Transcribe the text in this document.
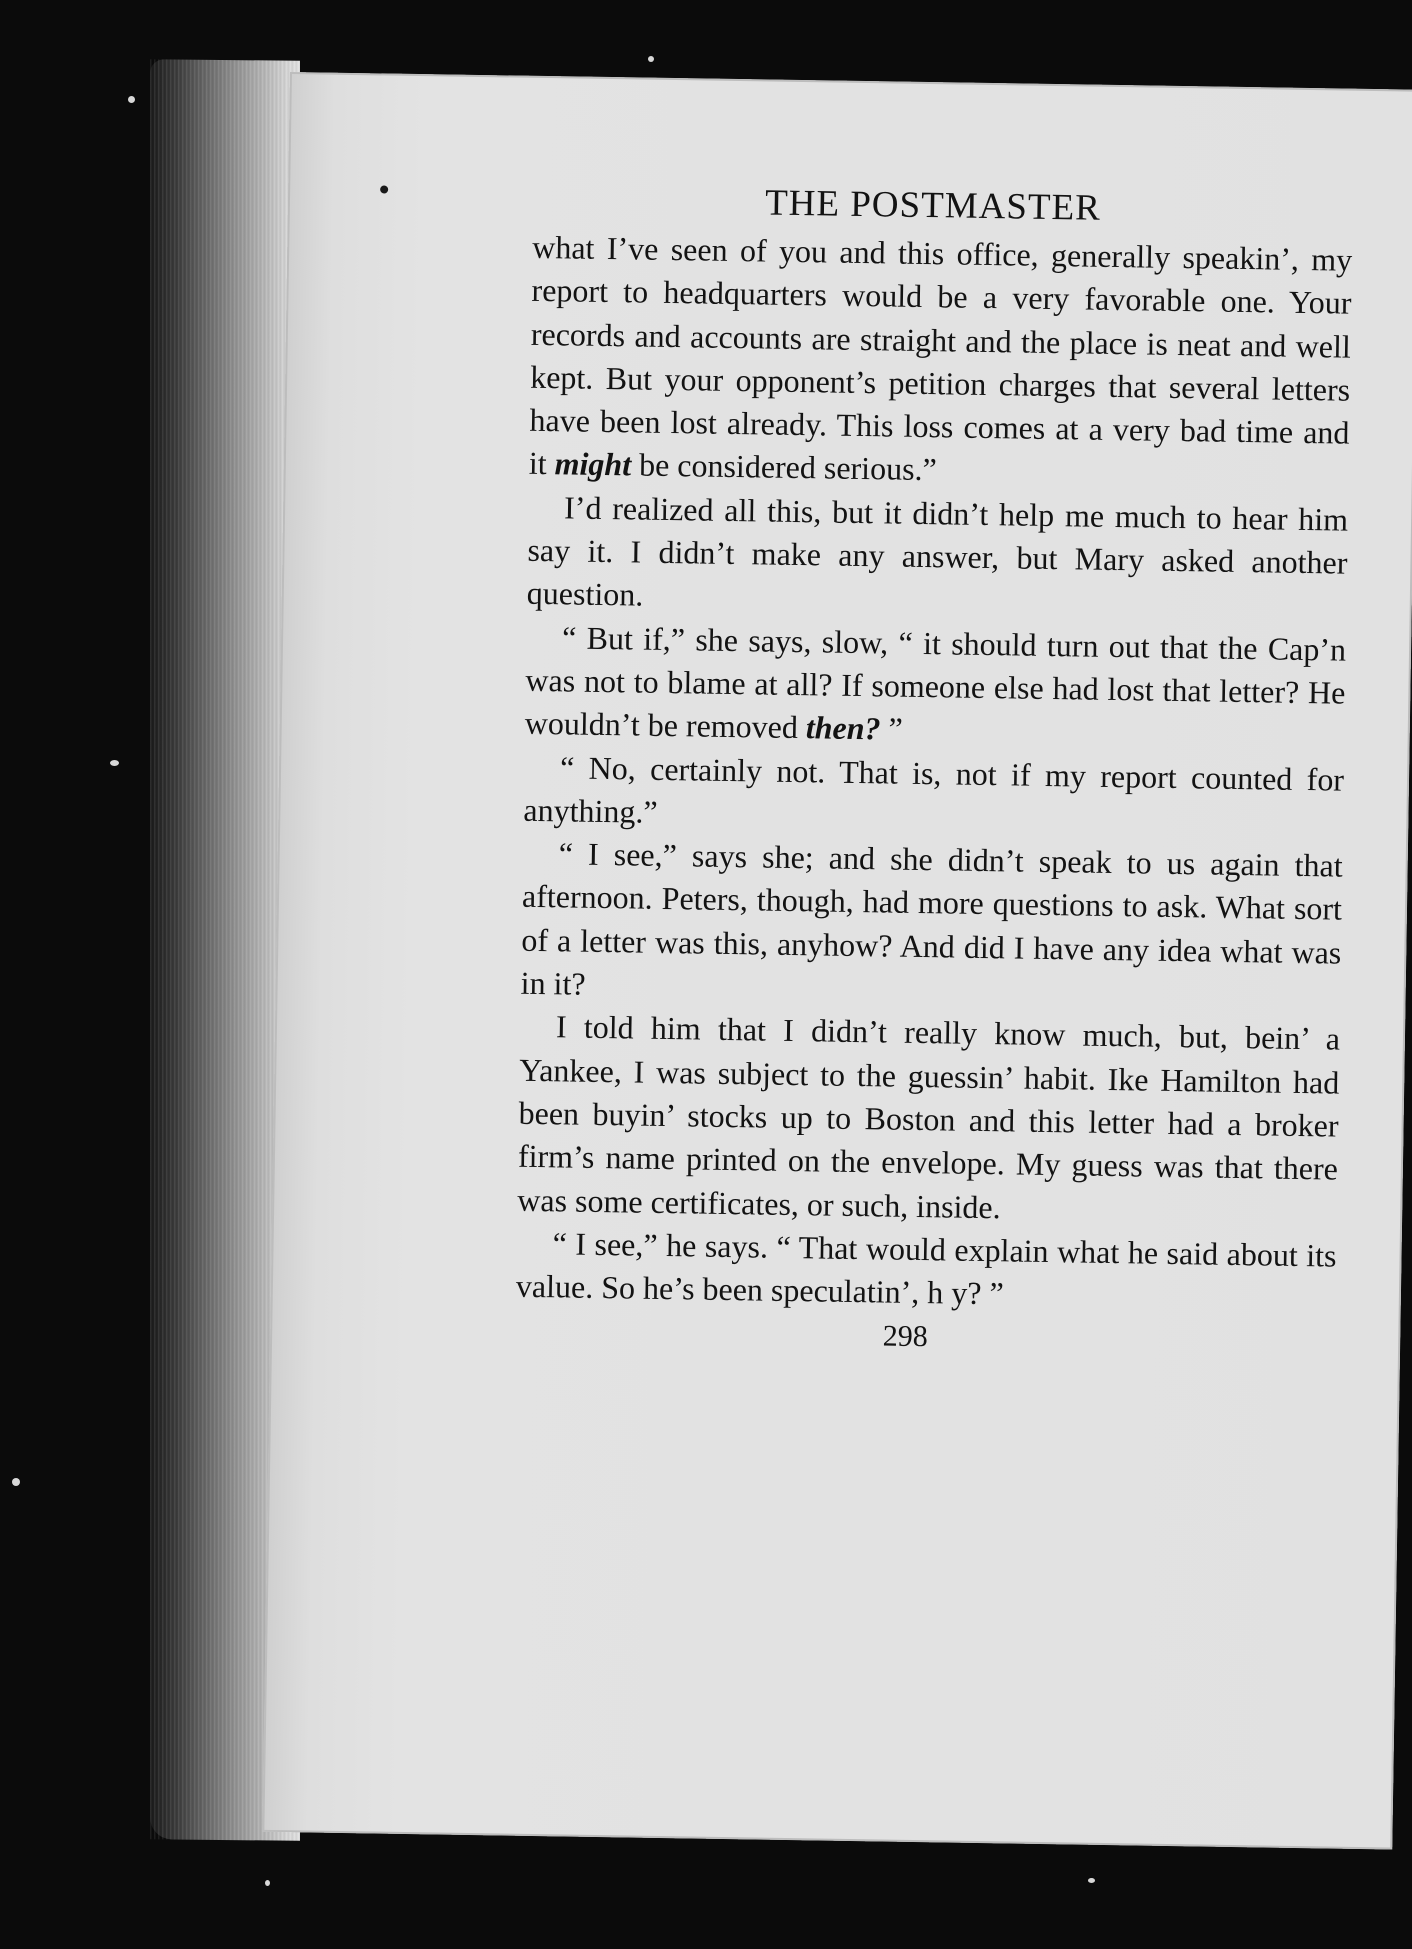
THE POSTMASTER

what I’ve seen of you and this office, generally speakin’, my report to headquarters would be a very favorable one. Your records and accounts are straight and the place is neat and well kept. But your opponent’s petition charges that several letters have been lost already. This loss comes at a very bad time and it might be considered serious.”

I’d realized all this, but it didn’t help me much to hear him say it. I didn’t make any answer, but Mary asked another question.

“ But if,” she says, slow, “ it should turn out that the Cap’n was not to blame at all? If someone else had lost that letter? He wouldn’t be removed then? ”

“ No, certainly not. That is, not if my report counted for anything.”

“ I see,” says she; and she didn’t speak to us again that afternoon. Peters, though, had more questions to ask. What sort of a letter was this, anyhow? And did I have any idea what was in it?

I told him that I didn’t really know much, but, bein’ a Yankee, I was subject to the guessin’ habit. Ike Hamilton had been buyin’ stocks up to Boston and this letter had a broker firm’s name printed on the envelope. My guess was that there was some certificates, or such, inside.

“ I see,” he says. “ That would explain what he said about its value. So he’s been speculatin’, h y? ”

298
